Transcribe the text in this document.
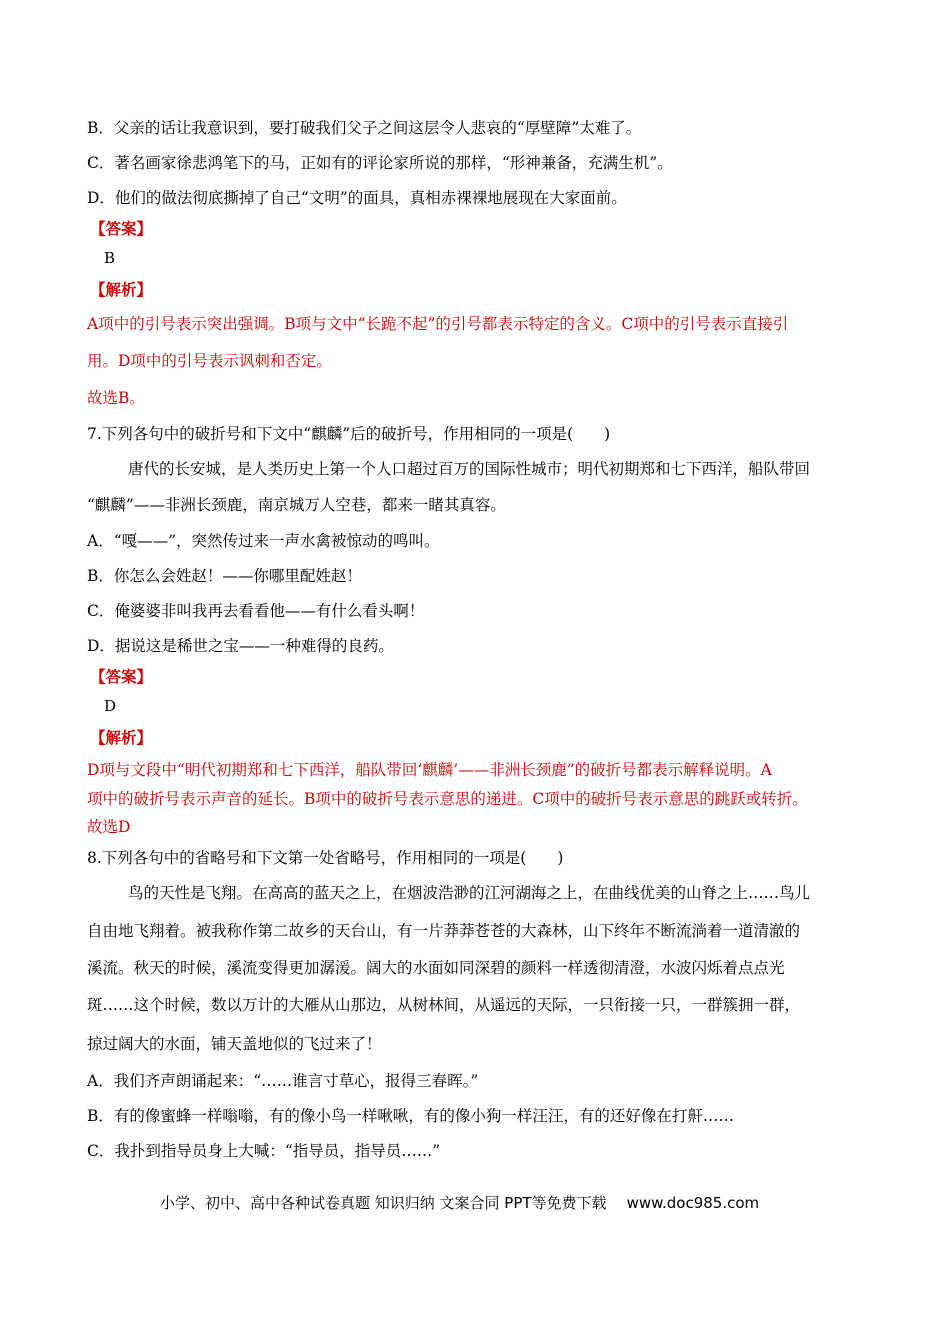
B．父亲的话让我意识到，要打破我们父子之间这层令人悲哀的“厚壁障”太难了。
C．著名画家徐悲鸿笔下的马，正如有的评论家所说的那样，“形神兼备，充满生机”。
D．他们的做法彻底撕掉了自己“文明”的面具，真相赤裸裸地展现在大家面前。
【答案】
B
【解析】
A项中的引号表示突出强调。B项与文中“长跪不起”的引号都表示特定的含义。C项中的引号表示直接引
用。D项中的引号表示讽刺和否定。
故选B。
7.下列各句中的破折号和下文中“麒麟”后的破折号，作用相同的一项是(　　)
唐代的长安城，是人类历史上第一个人口超过百万的国际性城市；明代初期郑和七下西洋，船队带回
“麒麟”——非洲长颈鹿，南京城万人空巷，都来一睹其真容。
A．“嘎——”，突然传过来一声水禽被惊动的鸣叫。
B．你怎么会姓赵！——你哪里配姓赵！
C．俺婆婆非叫我再去看看他——有什么看头啊！
D．据说这是稀世之宝——一种难得的良药。
【答案】
D
【解析】
D项与文段中“明代初期郑和七下西洋，船队带回‘麒麟’——非洲长颈鹿”的破折号都表示解释说明。A
项中的破折号表示声音的延长。B项中的破折号表示意思的递进。C项中的破折号表示意思的跳跃或转折。
故选D
8.下列各句中的省略号和下文第一处省略号，作用相同的一项是(　　)
鸟的天性是飞翔。在高高的蓝天之上，在烟波浩渺的江河湖海之上，在曲线优美的山脊之上……鸟儿
自由地飞翔着。被我称作第二故乡的天台山，有一片莽莽苍苍的大森林，山下终年不断流淌着一道清澈的
溪流。秋天的时候，溪流变得更加潺湲。阔大的水面如同深碧的颜料一样透彻清澄，水波闪烁着点点光
斑……这个时候，数以万计的大雁从山那边，从树林间，从遥远的天际，一只衔接一只，一群簇拥一群，
掠过阔大的水面，铺天盖地似的飞过来了！
A．我们齐声朗诵起来：“……谁言寸草心，报得三春晖。”
B．有的像蜜蜂一样嗡嗡，有的像小鸟一样啾啾，有的像小狗一样汪汪，有的还好像在打鼾……
C．我扑到指导员身上大喊：“指导员，指导员……”
小学、初中、高中各种试卷真题 知识归纳 文案合同 PPT等免费下载 www.doc985.com
